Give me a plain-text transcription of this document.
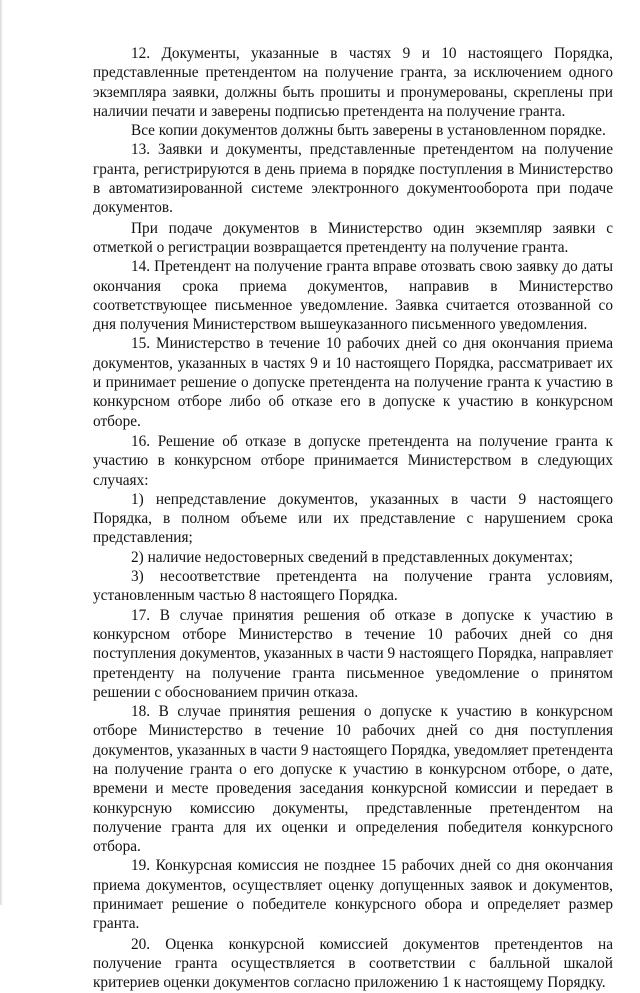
12. Документы, указанные в частях 9 и 10 настоящего Порядка, представленные претендентом на получение гранта, за исключением одного экземпляра заявки, должны быть прошиты и пронумерованы, скреплены при наличии печати и заверены подписью претендента на получение гранта.

Все копии документов должны быть заверены в установленном порядке.

13. Заявки и документы, представленные претендентом на получение гранта, регистрируются в день приема в порядке поступления в Министерство в автоматизированной системе электронного документооборота при подаче документов.

При подаче документов в Министерство один экземпляр заявки с отметкой о регистрации возвращается претенденту на получение гранта.

14. Претендент на получение гранта вправе отозвать свою заявку до даты окончания срока приема документов, направив в Министерство соответствующее письменное уведомление. Заявка считается отозванной со дня получения Министерством вышеуказанного письменного уведомления.

15. Министерство в течение 10 рабочих дней со дня окончания приема документов, указанных в частях 9 и 10 настоящего Порядка, рассматривает их и принимает решение о допуске претендента на получение гранта к участию в конкурсном отборе либо об отказе его в допуске к участию в конкурсном отборе.

16. Решение об отказе в допуске претендента на получение гранта к участию в конкурсном отборе принимается Министерством в следующих случаях:

1) непредставление документов, указанных в части 9 настоящего Порядка, в полном объеме или их представление с нарушением срока представления;

2) наличие недостоверных сведений в представленных документах;

3) несоответствие претендента на получение гранта условиям, установленным частью 8 настоящего Порядка.

17. В случае принятия решения об отказе в допуске к участию в конкурсном отборе Министерство в течение 10 рабочих дней со дня поступления документов, указанных в части 9 настоящего Порядка, направляет претенденту на получение гранта письменное уведомление о принятом решении с обоснованием причин отказа.

18. В случае принятия решения о допуске к участию в конкурсном отборе Министерство в течение 10 рабочих дней со дня поступления документов, указанных в части 9 настоящего Порядка, уведомляет претендента на получение гранта о его допуске к участию в конкурсном отборе, о дате, времени и месте проведения заседания конкурсной комиссии и передает в конкурсную комиссию документы, представленные претендентом на получение гранта для их оценки и определения победителя конкурсного отбора.

19. Конкурсная комиссия не позднее 15 рабочих дней со дня окончания приема документов, осуществляет оценку допущенных заявок и документов, принимает решение о победителе конкурсного обора и определяет размер гранта.

20. Оценка конкурсной комиссией документов претендентов на получение гранта осуществляется в соответствии с балльной шкалой критериев оценки документов согласно приложению 1 к настоящему Порядку.
